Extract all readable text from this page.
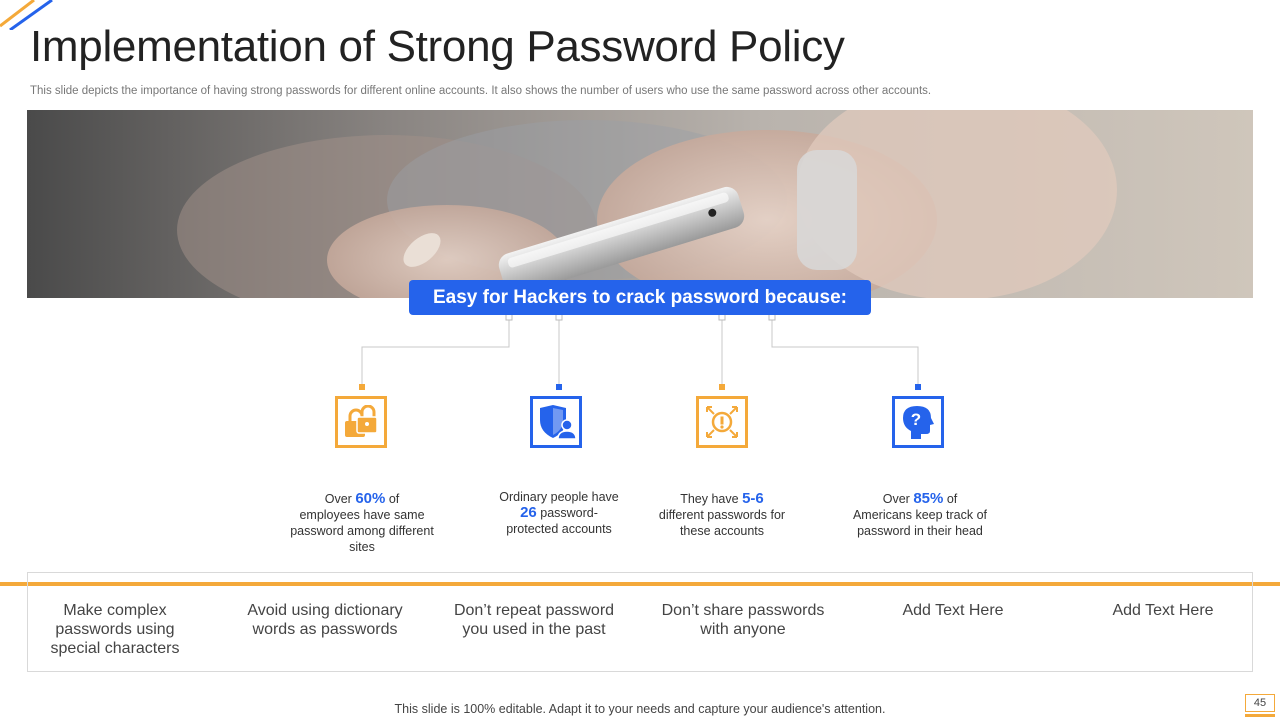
Implementation of Strong Password Policy
This slide depicts the importance of having strong passwords for different online accounts. It also shows the number of users who use the same password across other accounts.
Easy for Hackers to crack password because:
?
Over 60% of
employees have same password among different sites
Ordinary people have
26 password-
protected accounts
They have 5-6
different passwords for these accounts
Over 85% of
Americans keep track of password in their head
Make complex passwords using special characters
Avoid using dictionary words as passwords
Don’t repeat password you used in the past
Don’t share passwords with anyone
Add Text Here	Add Text Here
This slide is 100% editable. Adapt it to your needs and capture your audience's attention.	45
